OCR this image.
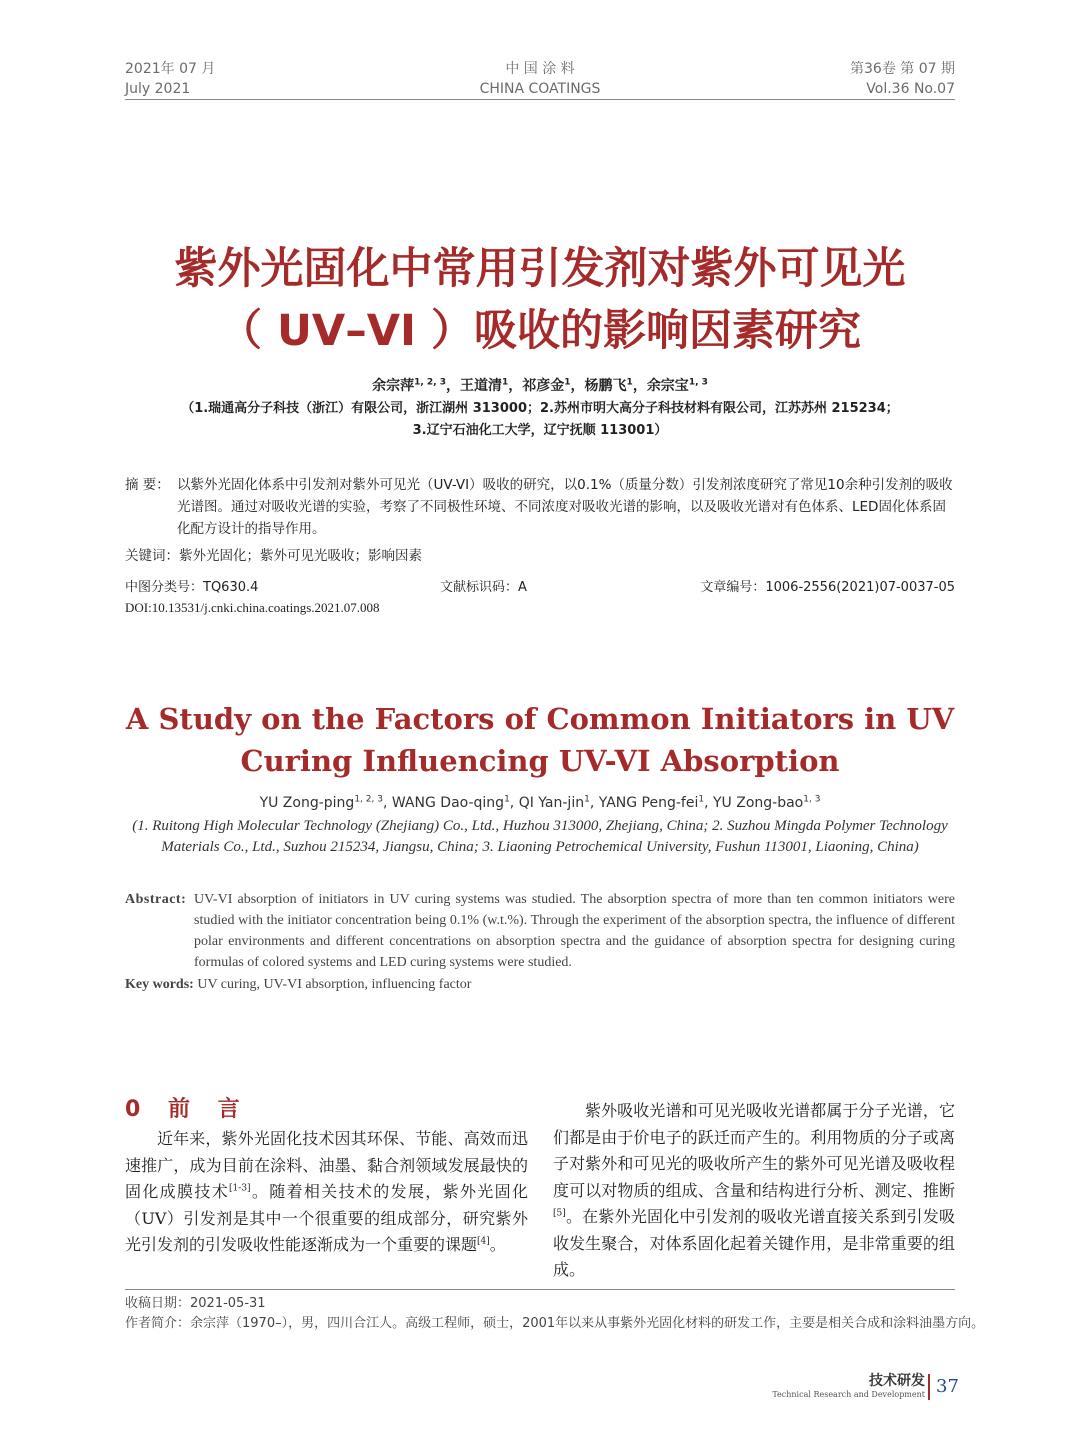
2021年 07 月
July 2021
中 国 涂 料
CHINA COATINGS
第36卷 第 07 期
Vol.36 No.07
紫外光固化中常用引发剂对紫外可见光
（ UV–VI ）吸收的影响因素研究
余宗萍$^{1, 2, 3}$，王道清$^1$，祁彦金$^1$，杨鹏飞$^1$，余宗宝$^{1, 3}$
（1.瑞通高分子科技（浙江）有限公司，浙江湖州 313000；2.苏州市明大高分子科技材料有限公司，江苏苏州 215234；
3.辽宁石油化工大学，辽宁抚顺 113001）
摘 要： 以紫外光固化体系中引发剂对紫外可见光（UV-VI）吸收的研究，以0.1%（质量分数）引发剂浓度研究了常见10余种引发剂的吸收光谱图。通过对吸收光谱的实验，考察了不同极性环境、不同浓度对吸收光谱的影响，以及吸收光谱对有色体系、LED固化体系固化配方设计的指导作用。
关键词：紫外光固化；紫外可见光吸收；影响因素
中图分类号：TQ630.4	文献标识码：A	文章编号：1006-2556(2021)07-0037-05
DOI:10.13531/j.cnki.china.coatings.2021.07.008
A Study on the Factors of Common Initiators in UV
Curing Influencing UV-VI Absorption
YU Zong-ping$^{1, 2, 3}$, WANG Dao-qing$^1$, QI Yan-jin$^1$, YANG Peng-fei$^1$, YU Zong-bao$^{1, 3}$
(1. Ruitong High Molecular Technology (Zhejiang) Co., Ltd., Huzhou 313000, Zhejiang, China; 2. Suzhou Mingda Polymer Technology Materials Co., Ltd., Suzhou 215234, Jiangsu, China; 3. Liaoning Petrochemical University, Fushun 113001, Liaoning, China)
Abstract: UV-VI absorption of initiators in UV curing systems was studied. The absorption spectra of more than ten common initiators were studied with the initiator concentration being 0.1% (w.t.%). Through the experiment of the absorption spectra, the influence of different polar environments and different concentrations on absorption spectra and the guidance of absorption spectra for designing curing formulas of colored systems and LED curing systems were studied.
Key words: UV curing, UV-VI absorption, influencing factor
0 前 言

近年来，紫外光固化技术因其环保、节能、高效而迅速推广，成为目前在涂料、油墨、黏合剂领域发展最快的固化成膜技术[1-3]。随着相关技术的发展，紫外光固化（UV）引发剂是其中一个很重要的组成部分，研究紫外光引发剂的引发吸收性能逐渐成为一个重要的课题[4]。

紫外吸收光谱和可见光吸收光谱都属于分子光谱，它们都是由于价电子的跃迁而产生的。利用物质的分子或离子对紫外和可见光的吸收所产生的紫外可见光谱及吸收程度可以对物质的组成、含量和结构进行分析、测定、推断[5]。在紫外光固化中引发剂的吸收光谱直接关系到引发吸收发生聚合，对体系固化起着关键作用，是非常重要的组成。

收稿日期：2021-05-31
作者简介：余宗萍（1970–），男，四川合江人。高级工程师，硕士，2001年以来从事紫外光固化材料的研发工作，主要是相关合成和涂料油墨方向。
技术研发
Technical Research and Development 37
